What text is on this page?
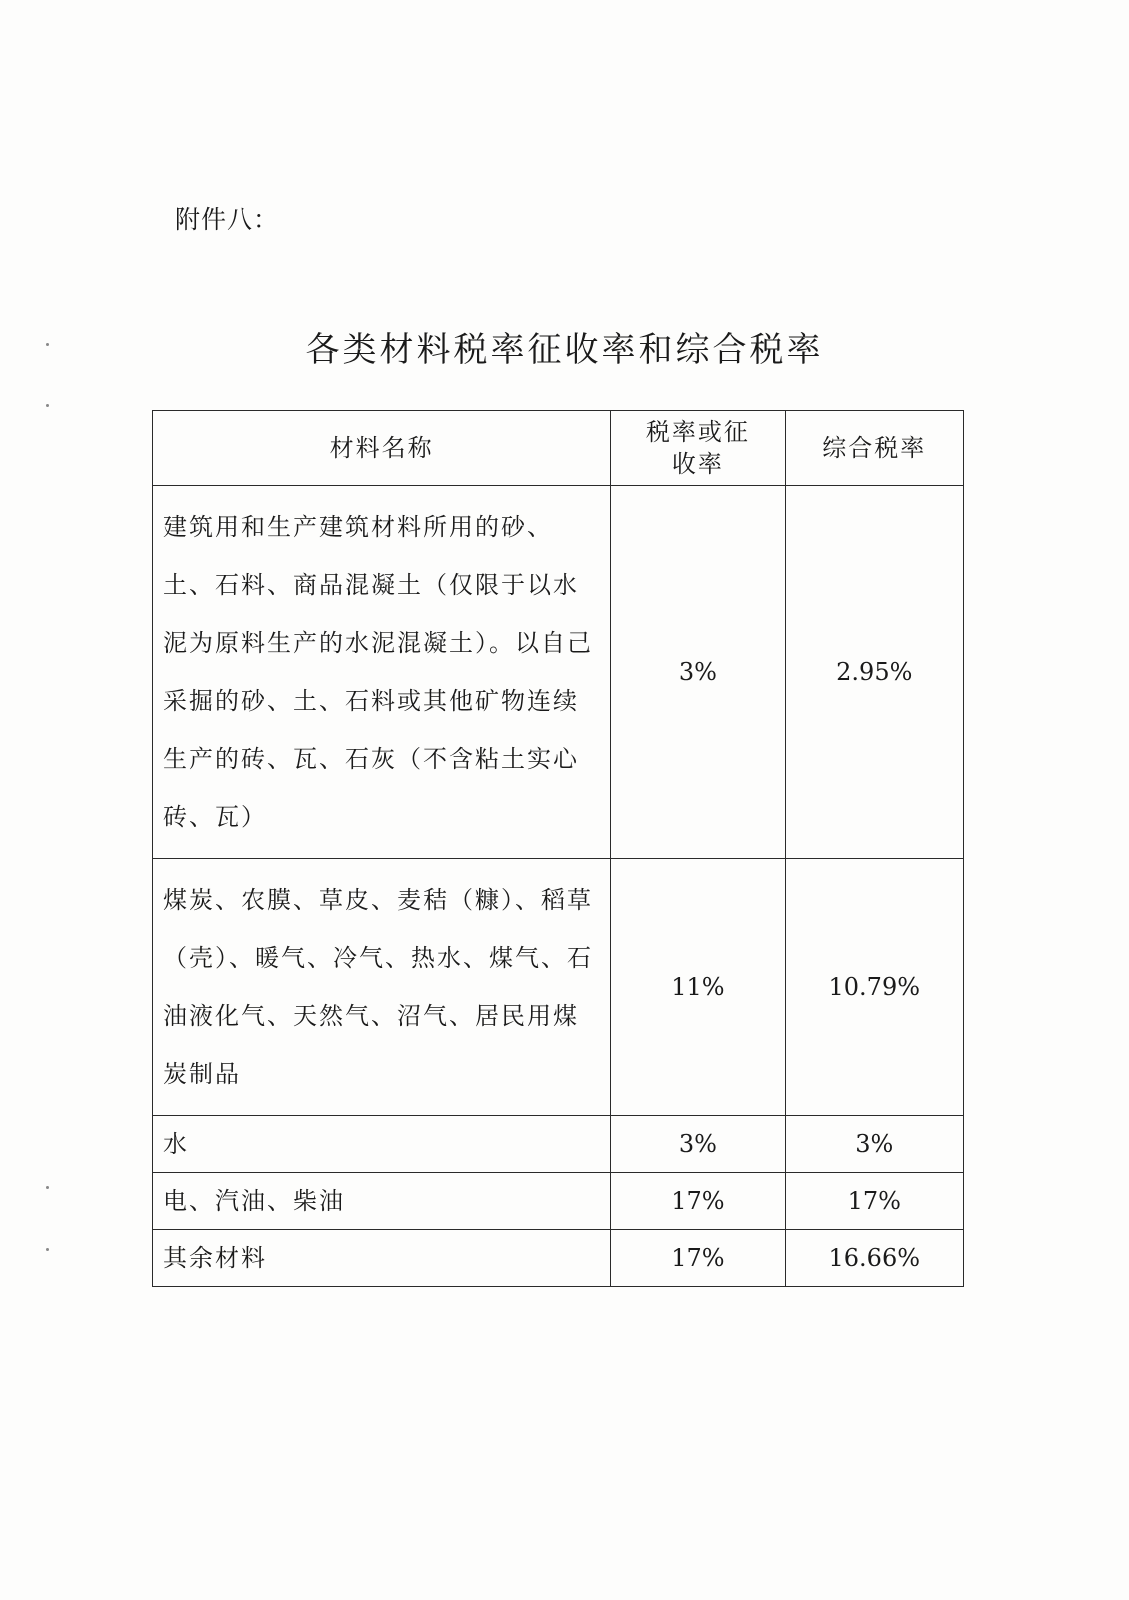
附件八：
各类材料税率征收率和综合税率
材料名称	税率或征收率	综合税率
建筑用和生产建筑材料所用的砂、土、石料、商品混凝土（仅限于以水泥为原料生产的水泥混凝土）。以自己采掘的砂、土、石料或其他矿物连续生产的砖、瓦、石灰（不含粘土实心砖、瓦）	3%	2.95%
煤炭、农膜、草皮、麦秸（糠）、稻草（壳）、暖气、冷气、热水、煤气、石油液化气、天然气、沼气、居民用煤炭制品	11%	10.79%
水	3%	3%
电、汽油、柴油	17%	17%
其余材料	17%	16.66%
